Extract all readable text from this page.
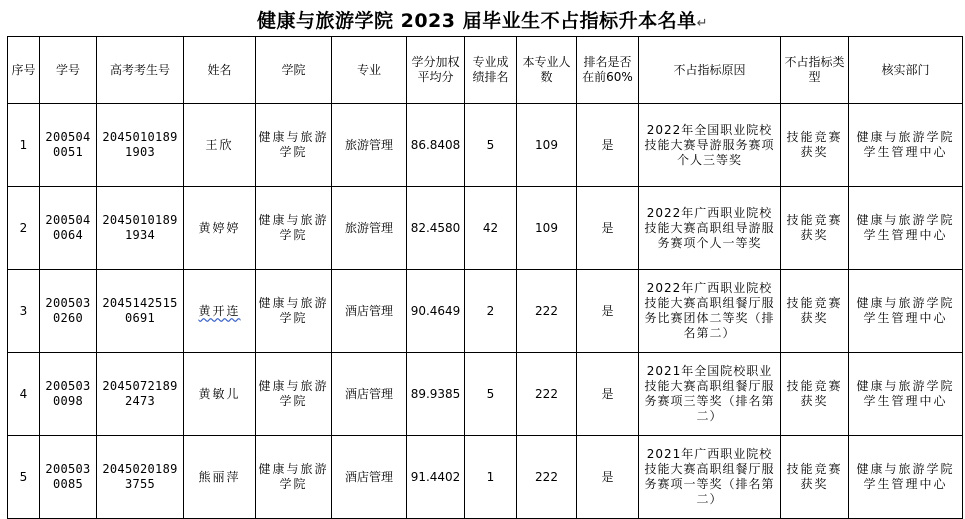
健康与旅游学院 2023 届毕业生不占指标升本名单↵
序号	学号	高考考生号	姓名	学院	专业	学分加权平均分	专业成绩排名	本专业人数	排名是否在前60%	不占指标原因	不占指标类型	核实部门
1	2005040051	20450101891903	王欣	健康与旅游学院	旅游管理	86.8408	5	109	是	2022年全国职业院校技能大赛导游服务赛项个人三等奖	技能竞赛获奖	健康与旅游学院学生管理中心
2	2005040064	20450101891934	黄婷婷	健康与旅游学院	旅游管理	82.4580	42	109	是	2022年广西职业院校技能大赛高职组导游服务赛项个人一等奖	技能竞赛获奖	健康与旅游学院学生管理中心
3	2005030260	20451425150691	黄开连	健康与旅游学院	酒店管理	90.4649	2	222	是	2022年广西职业院校技能大赛高职组餐厅服务比赛团体二等奖（排名第二）	技能竞赛获奖	健康与旅游学院学生管理中心
4	2005030098	20450721892473	黄敏儿	健康与旅游学院	酒店管理	89.9385	5	222	是	2021年全国院校职业技能大赛高职组餐厅服务赛项三等奖（排名第二）	技能竞赛获奖	健康与旅游学院学生管理中心
5	2005030085	20450201893755	熊丽萍	健康与旅游学院	酒店管理	91.4402	1	222	是	2021年广西职业院校技能大赛高职组餐厅服务赛项一等奖（排名第二）	技能竞赛获奖	健康与旅游学院学生管理中心
